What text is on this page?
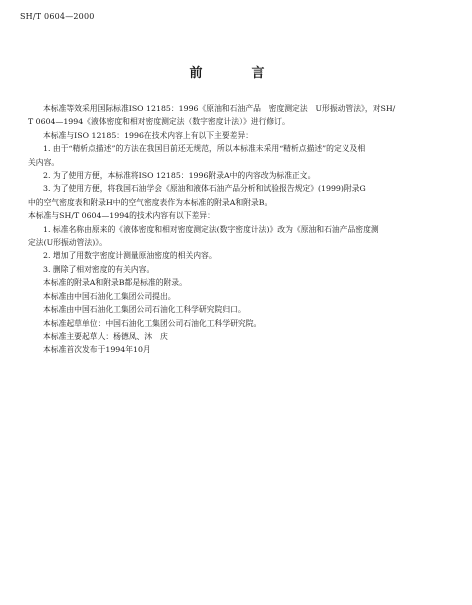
SH/T 0604—2000
前　言
本标准等效采用国际标准ISO 12185：1996《原油和石油产品　密度测定法　U形振动管法》，对SH/
T 0604—1994《液体密度和相对密度测定法（数字密度计法）》进行修订。
本标准与ISO 12185：1996在技术内容上有以下主要差异：
1. 由于“精析点描述”的方法在我国目前还无规范，所以本标准未采用“精析点描述”的定义及相
关内容。
2. 为了使用方便，本标准将ISO 12185：1996附录A中的内容改为标准正文。
3. 为了使用方便，将我国石油学会《原油和液体石油产品分析和试验报告规定》(1999)附录G
中的空气密度表和附录H中的空气密度表作为本标准的附录A和附录B。
本标准与SH/T 0604—1994的技术内容有以下差异：
1. 标准名称由原来的《液体密度和相对密度测定法(数字密度计法)》改为《原油和石油产品密度测
定法(U形振动管法)》。
2. 增加了用数字密度计测量原油密度的相关内容。
3. 删除了相对密度的有关内容。
本标准的附录A和附录B都是标准的附录。
本标准由中国石油化工集团公司提出。
本标准由中国石油化工集团公司石油化工科学研究院归口。
本标准起草单位：中国石油化工集团公司石油化工科学研究院。
本标准主要起草人：杨德凤、沐　庆
本标准首次发布于1994年10月
